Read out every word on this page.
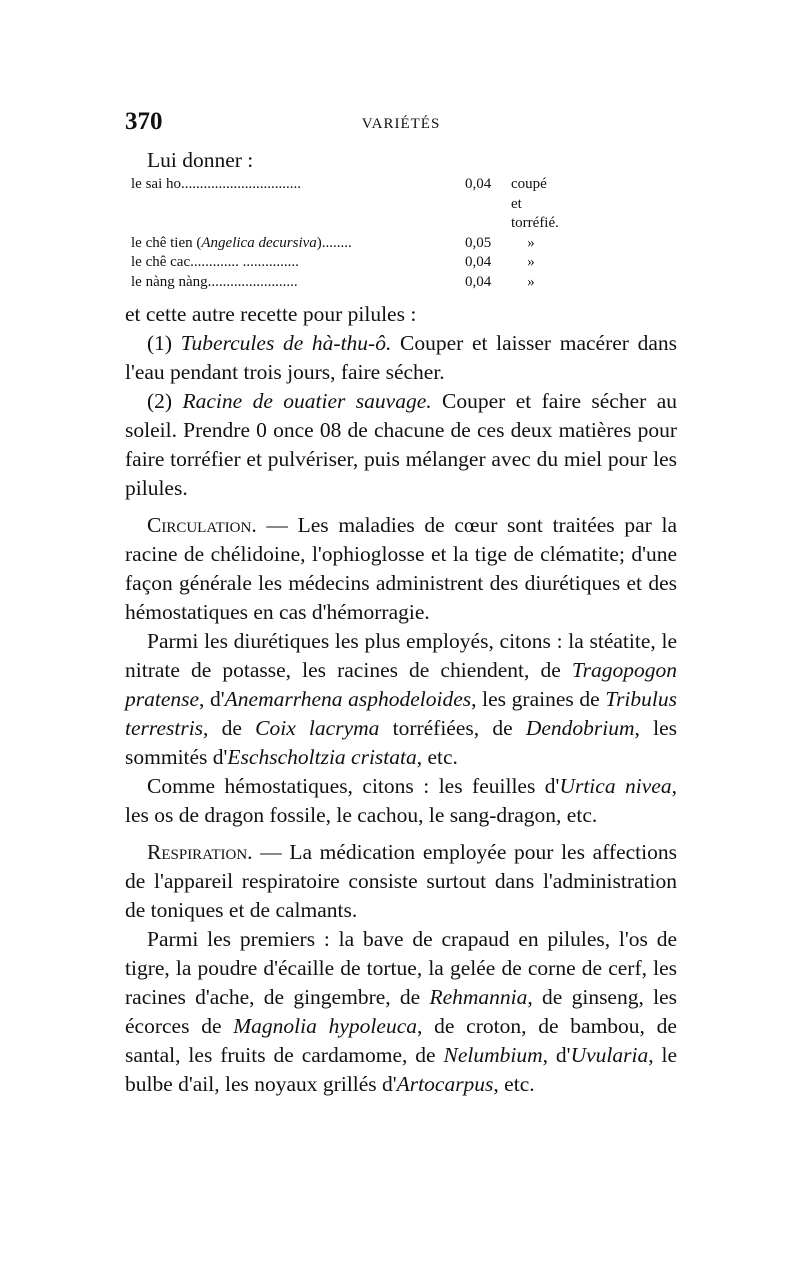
370	VARIÉTÉS

Lui donner :

le sai ho................................	0,04	coupé et torréfié.
le chê tien (Angelica decursiva)........	0,05	»
le chê cac............. ...............	0,04	»
le nàng nàng........................	0,04	»

et cette autre recette pour pilules :

(1) Tubercules de hà-thu-ô. Couper et laisser macérer dans l'eau pendant trois jours, faire sécher.

(2) Racine de ouatier sauvage. Couper et faire sécher au soleil. Prendre 0 once 08 de chacune de ces deux matières pour faire torréfier et pulvériser, puis mélanger avec du miel pour les pilules.

Circulation. — Les maladies de cœur sont traitées par la racine de chélidoine, l'ophioglosse et la tige de clématite; d'une façon générale les médecins administrent des diurétiques et des hémostatiques en cas d'hémorragie.

Parmi les diurétiques les plus employés, citons : la stéatite, le nitrate de potasse, les racines de chiendent, de Tragopogon pratense, d'Anemarrhena asphodeloides, les graines de Tribulus terrestris, de Coix lacryma torréfiées, de Dendobrium, les sommités d'Eschscholtzia cristata, etc.

Comme hémostatiques, citons : les feuilles d'Urtica nivea, les os de dragon fossile, le cachou, le sang-dragon, etc.

Respiration. — La médication employée pour les affections de l'appareil respiratoire consiste surtout dans l'administration de toniques et de calmants.

Parmi les premiers : la bave de crapaud en pilules, l'os de tigre, la poudre d'écaille de tortue, la gelée de corne de cerf, les racines d'ache, de gingembre, de Rehmannia, de ginseng, les écorces de Magnolia hypoleuca, de croton, de bambou, de santal, les fruits de cardamome, de Nelumbium, d'Uvularia, le bulbe d'ail, les noyaux grillés d'Artocarpus, etc.
